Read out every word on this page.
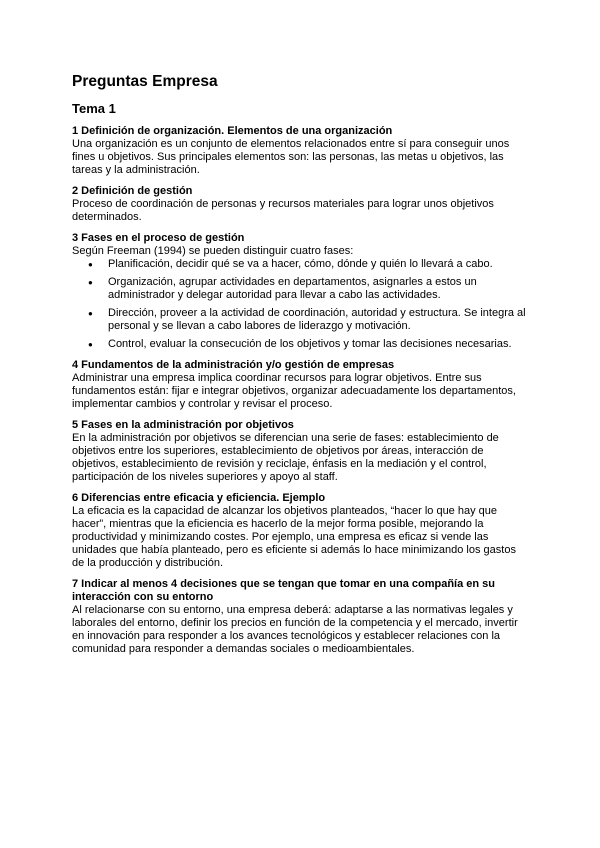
Preguntas Empresa
Tema 1
1 Definición de organización. Elementos de una organización

Una organización es un conjunto de elementos relacionados entre sí para conseguir unos fines u objetivos. Sus principales elementos son: las personas, las metas u objetivos, las tareas y la administración.

2 Definición de gestión

Proceso de coordinación de personas y recursos materiales para lograr unos objetivos determinados.

3 Fases en el proceso de gestión

Según Freeman (1994) se pueden distinguir cuatro fases:

● Planificación, decidir qué se va a hacer, cómo, dónde y quién lo llevará a cabo.
● Organización, agrupar actividades en departamentos, asignarles a estos un administrador y delegar autoridad para llevar a cabo las actividades.
● Dirección, proveer a la actividad de coordinación, autoridad y estructura. Se integra al personal y se llevan a cabo labores de liderazgo y motivación.
● Control, evaluar la consecución de los objetivos y tomar las decisiones necesarias.
4 Fundamentos de la administración y/o gestión de empresas

Administrar una empresa implica coordinar recursos para lograr objetivos. Entre sus fundamentos están: fijar e integrar objetivos, organizar adecuadamente los departamentos, implementar cambios y controlar y revisar el proceso.

5 Fases en la administración por objetivos

En la administración por objetivos se diferencian una serie de fases: establecimiento de objetivos entre los superiores, establecimiento de objetivos por áreas, interacción de objetivos, establecimiento de revisión y reciclaje, énfasis en la mediación y el control, participación de los niveles superiores y apoyo al staff.

6 Diferencias entre eficacia y eficiencia. Ejemplo

La eficacia es la capacidad de alcanzar los objetivos planteados, “hacer lo que hay que hacer”, mientras que la eficiencia es hacerlo de la mejor forma posible, mejorando la productividad y minimizando costes. Por ejemplo, una empresa es eficaz si vende las unidades que había planteado, pero es eficiente si además lo hace minimizando los gastos de la producción y distribución.

7 Indicar al menos 4 decisiones que se tengan que tomar en una compañía en su interacción con su entorno

Al relacionarse con su entorno, una empresa deberá: adaptarse a las normativas legales y laborales del entorno, definir los precios en función de la competencia y el mercado, invertir en innovación para responder a los avances tecnológicos y establecer relaciones con la comunidad para responder a demandas sociales o medioambientales.
